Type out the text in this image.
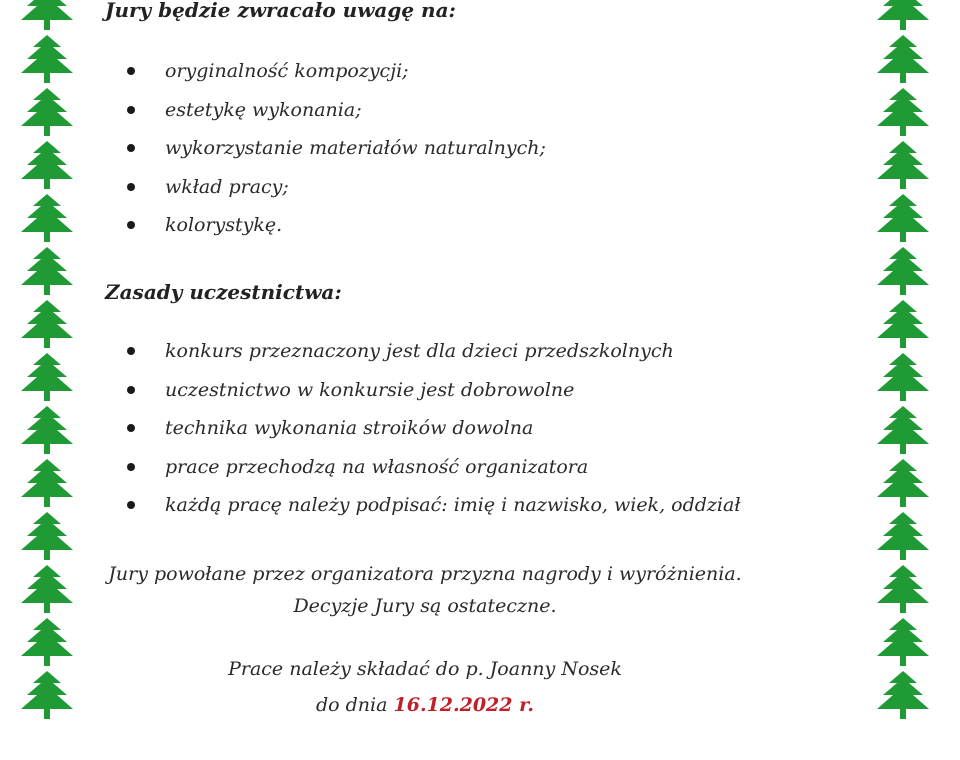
Jury będzie zwracało uwagę na:
oryginalność kompozycji;
estetykę wykonania;
wykorzystanie materiałów naturalnych;
wkład pracy;
kolorystykę.
Zasady uczestnictwa:
konkurs przeznaczony jest dla dzieci przedszkolnych
uczestnictwo w konkursie jest dobrowolne
technika wykonania stroików dowolna
prace przechodzą na własność organizatora
każdą pracę należy podpisać: imię i nazwisko, wiek, oddział
Jury powołane przez organizatora przyzna nagrody i wyróżnienia.
Decyzje Jury są ostateczne.
Prace należy składać do p. Joanny Nosek
do dnia 16.12.2022 r.
